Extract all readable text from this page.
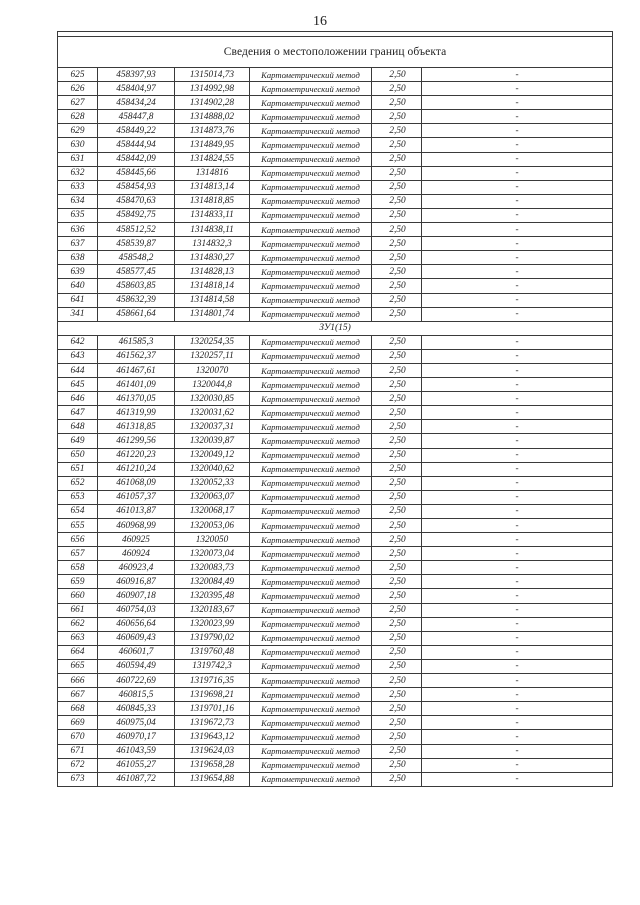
16

Сведения о местоположении границ объекта					
625	458397,93	1315014,73	Картометрический метод	2,50	-
626	458404,97	1314992,98	Картометрический метод	2,50	-
627	458434,24	1314902,28	Картометрический метод	2,50	-
628	458447,8	1314888,02	Картометрический метод	2,50	-
629	458449,22	1314873,76	Картометрический метод	2,50	-
630	458444,94	1314849,95	Картометрический метод	2,50	-
631	458442,09	1314824,55	Картометрический метод	2,50	-
632	458445,66	1314816	Картометрический метод	2,50	-
633	458454,93	1314813,14	Картометрический метод	2,50	-
634	458470,63	1314818,85	Картометрический метод	2,50	-
635	458492,75	1314833,11	Картометрический метод	2,50	-
636	458512,52	1314838,11	Картометрический метод	2,50	-
637	458539,87	1314832,3	Картометрический метод	2,50	-
638	458548,2	1314830,27	Картометрический метод	2,50	-
639	458577,45	1314828,13	Картометрический метод	2,50	-
640	458603,85	1314818,14	Картометрический метод	2,50	-
641	458632,39	1314814,58	Картометрический метод	2,50	-
341	458661,64	1314801,74	Картометрический метод	2,50	-
ЗУ1(15)					
642	461585,3	1320254,35	Картометрический метод	2,50	-
643	461562,37	1320257,11	Картометрический метод	2,50	-
644	461467,61	1320070	Картометрический метод	2,50	-
645	461401,09	1320044,8	Картометрический метод	2,50	-
646	461370,05	1320030,85	Картометрический метод	2,50	-
647	461319,99	1320031,62	Картометрический метод	2,50	-
648	461318,85	1320037,31	Картометрический метод	2,50	-
649	461299,56	1320039,87	Картометрический метод	2,50	-
650	461220,23	1320049,12	Картометрический метод	2,50	-
651	461210,24	1320040,62	Картометрический метод	2,50	-
652	461068,09	1320052,33	Картометрический метод	2,50	-
653	461057,37	1320063,07	Картометрический метод	2,50	-
654	461013,87	1320068,17	Картометрический метод	2,50	-
655	460968,99	1320053,06	Картометрический метод	2,50	-
656	460925	1320050	Картометрический метод	2,50	-
657	460924	1320073,04	Картометрический метод	2,50	-
658	460923,4	1320083,73	Картометрический метод	2,50	-
659	460916,87	1320084,49	Картометрический метод	2,50	-
660	460907,18	1320395,48	Картометрический метод	2,50	-
661	460754,03	1320183,67	Картометрический метод	2,50	-
662	460656,64	1320023,99	Картометрический метод	2,50	-
663	460609,43	1319790,02	Картометрический метод	2,50	-
664	460601,7	1319760,48	Картометрический метод	2,50	-
665	460594,49	1319742,3	Картометрический метод	2,50	-
666	460722,69	1319716,35	Картометрический метод	2,50	-
667	460815,5	1319698,21	Картометрический метод	2,50	-
668	460845,33	1319701,16	Картометрический метод	2,50	-
669	460975,04	1319672,73	Картометрический метод	2,50	-
670	460970,17	1319643,12	Картометрический метод	2,50	-
671	461043,59	1319624,03	Картометрический метод	2,50	-
672	461055,27	1319658,28	Картометрический метод	2,50	-
673	461087,72	1319654,88	Картометрический метод	2,50	-
